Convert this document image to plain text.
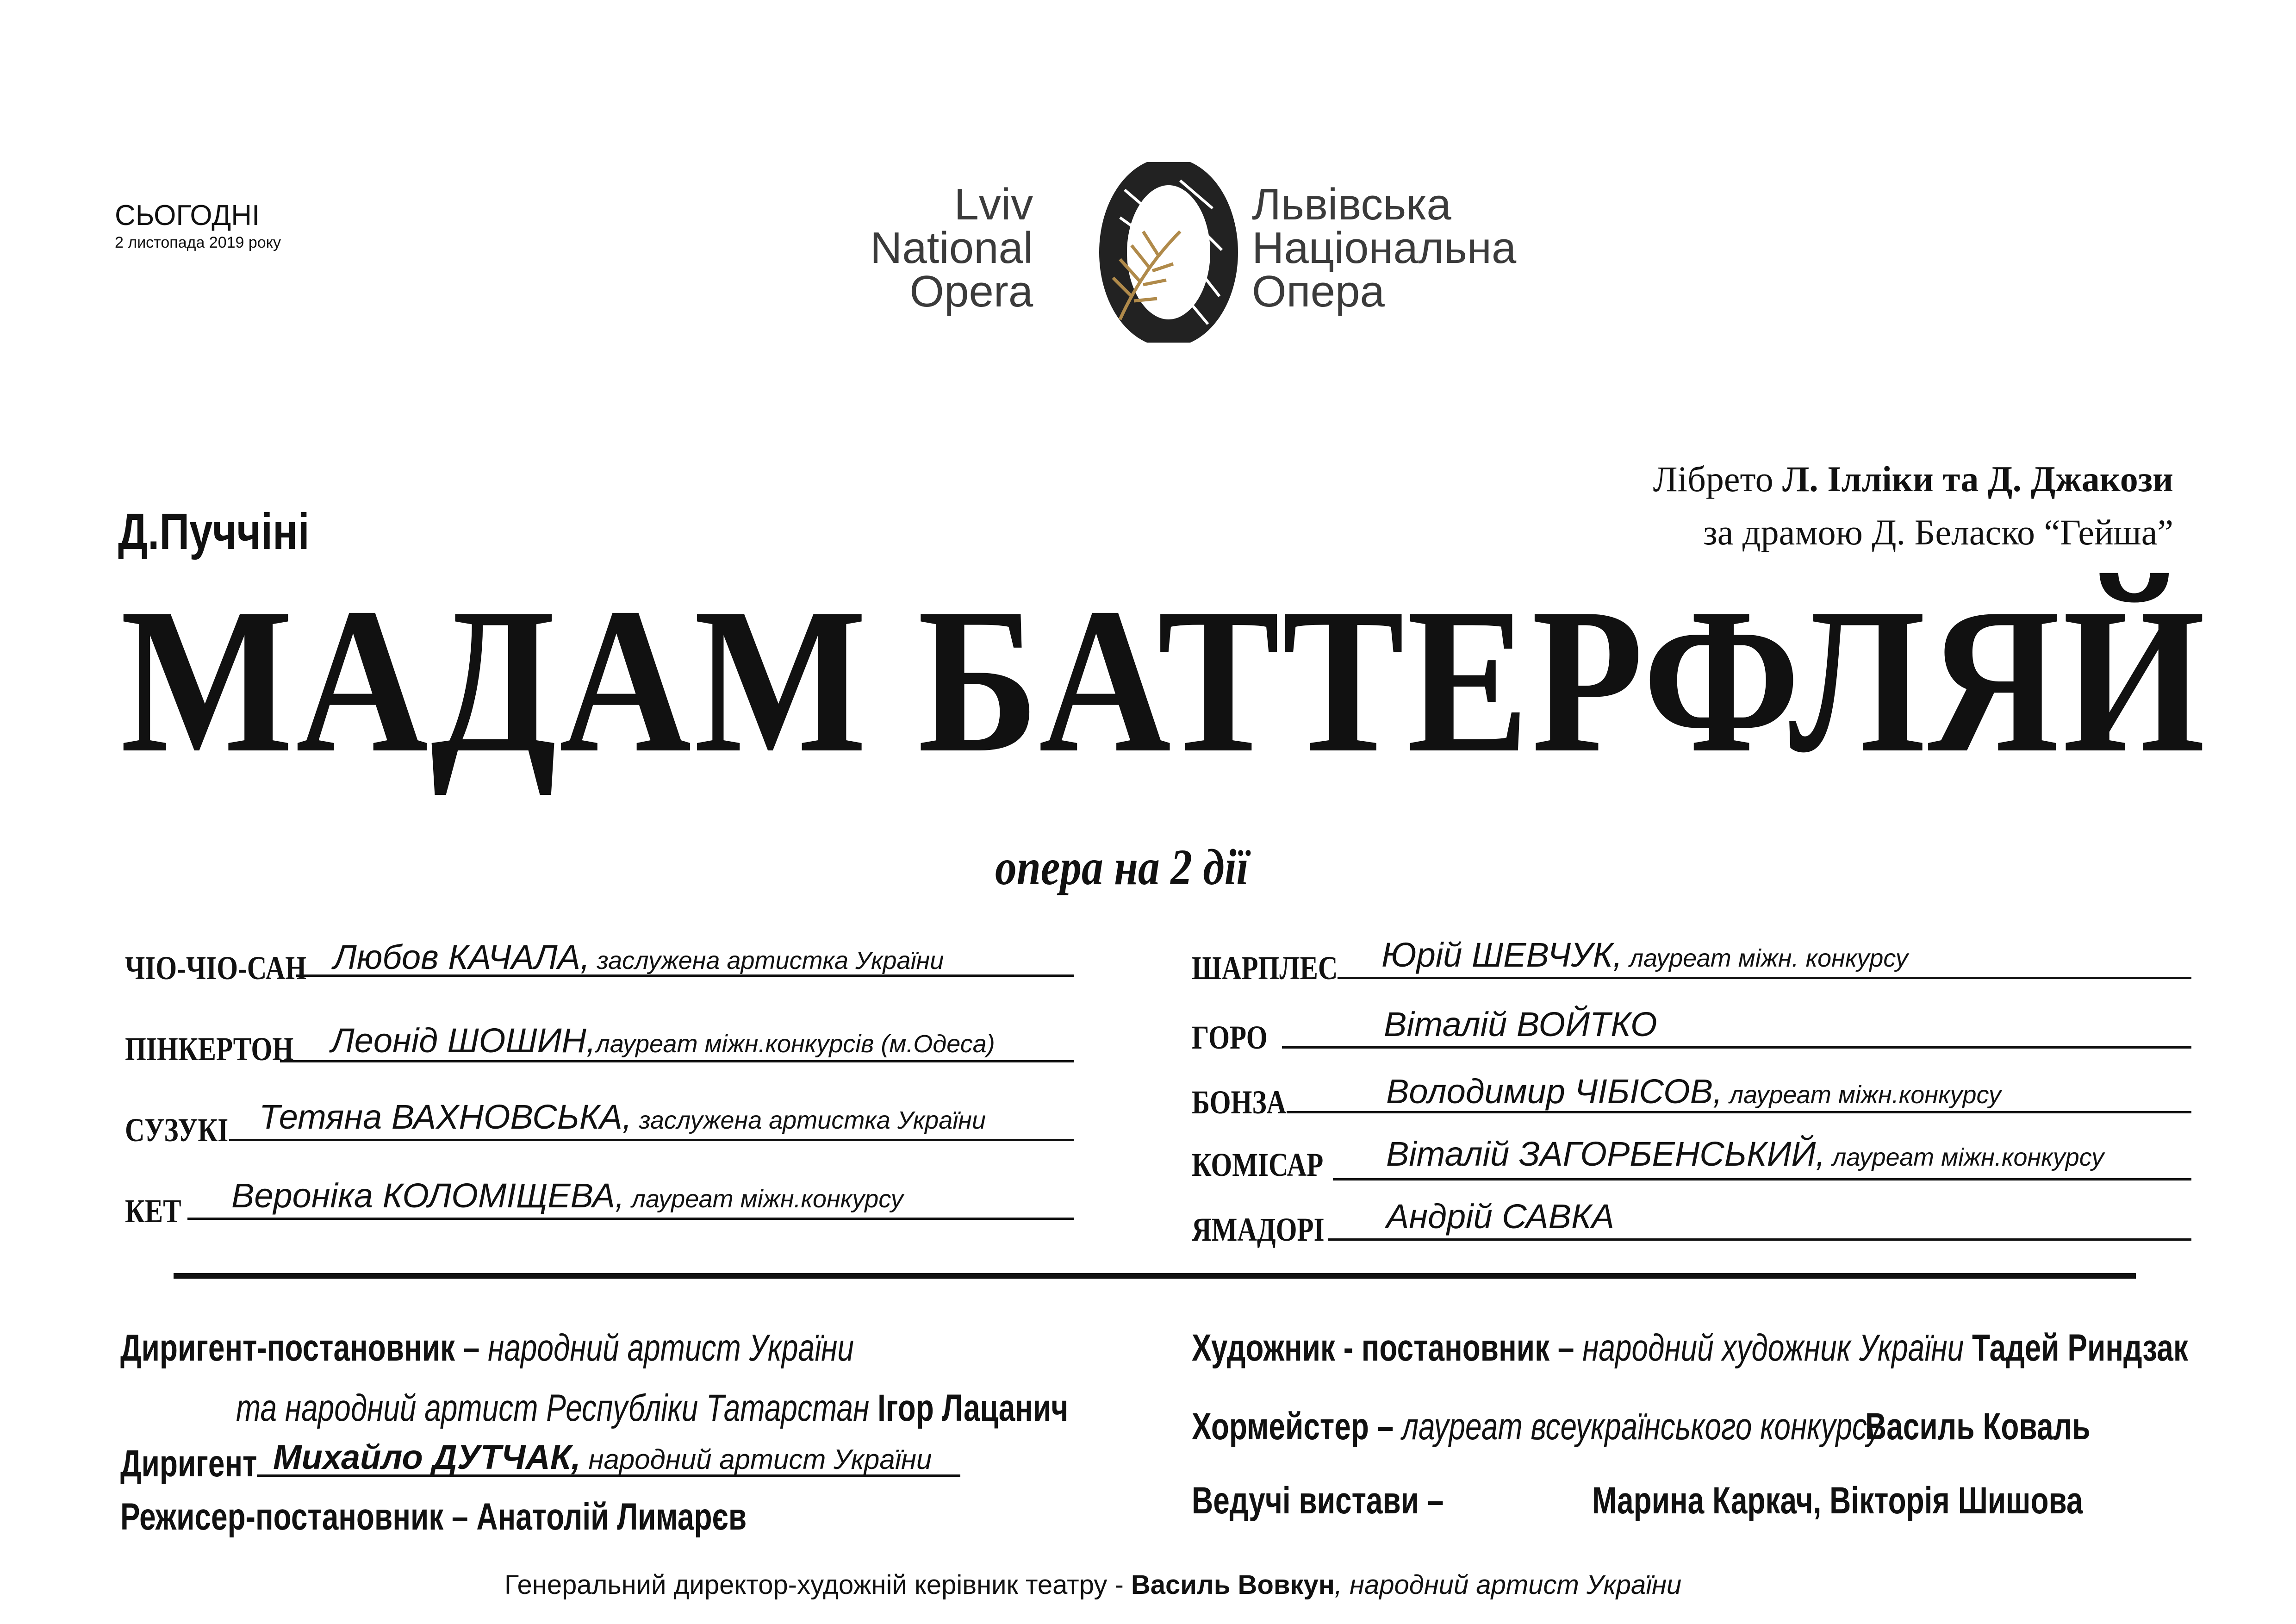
СЬОГОДНІ
2 листопада 2019 року
Lviv
National
Opera
Львівська
Національна
Опера
Д.Пуччіні
Лібрето Л. Ілліки та Д. Джакози
за драмою Д. Беласко “Гейша”
МАДАМ БАТТЕРФЛЯЙ
опера на 2 дії
ЧІО-ЧІО-САН Любов КАЧАЛА, заслужена артистка України
ПІНКЕРТОН Леонід ШОШИН,лауреат міжн.конкурсів (м.Одеса)
СУЗУКІ Тетяна ВАХНОВСЬКА, заслужена артистка України
КЕТ Вероніка КОЛОМІЩЕВА, лауреат міжн.конкурсу
ШАРПЛЕС Юрій ШЕВЧУК, лауреат міжн. конкурсу
ГОРО	Віталій ВОЙТКО
БОНЗА	Володимир ЧІБІСОВ, лауреат міжн.конкурсу
КОМІСАР Віталій ЗАГОРБЕНСЬКИЙ, лауреат міжн.конкурсу
ЯМАДОРІ Андрій САВКА
Диригент-постановник – народний артист України
та народний артист Республіки Татарстан Ігор Лацанич
Диригент Михайло ДУТЧАК, народний артист України
Режисер-постановник – Анатолій Лимарєв
Художник - постановник – народний художник України Тадей Риндзак
Хормейстер – лауреат всеукраїнського конкурсу
Василь Коваль
Ведучі вистави –	Марина Каркач, Вікторія Шишова
Генеральний директор-художній керівник театру - Василь Вовкун, народний артист України
